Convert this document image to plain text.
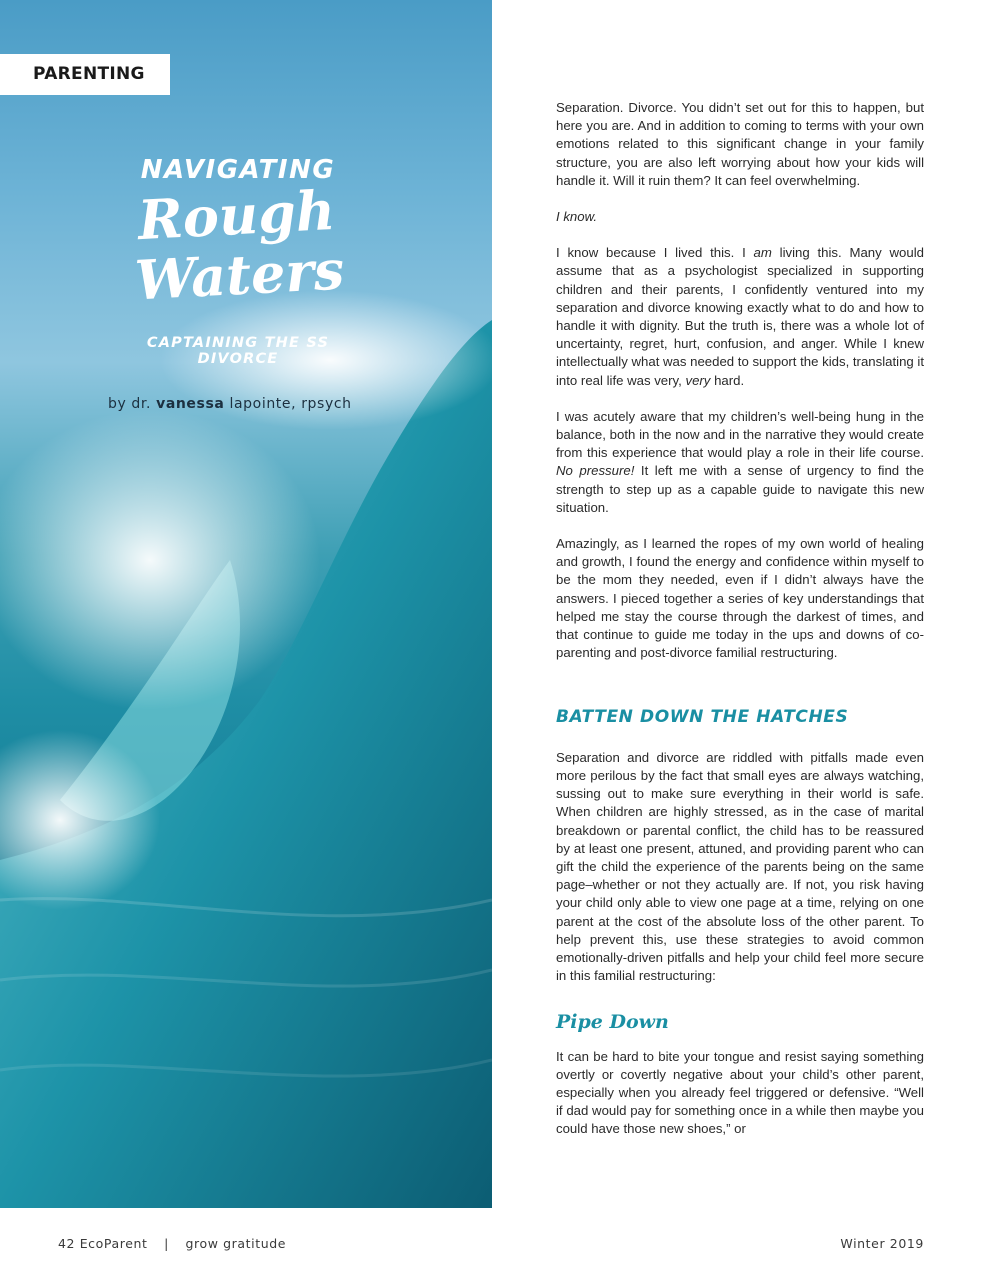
PARENTING
NAVIGATING
Rough
Waters
CAPTAINING THE SS DIVORCE
by dr. vanessa lapointe, rpsych
© Can Stock Photo Inc. / (irabel8)

Separation. Divorce. You didn’t set out for this to happen, but here you are. And in addition to coming to terms with your own emotions related to this significant change in your family structure, you are also left worrying about how your kids will handle it. Will it ruin them? It can feel overwhelming.

I know.

I know because I lived this. I am living this. Many would assume that as a psychologist specialized in supporting children and their parents, I confidently ventured into my separation and divorce knowing exactly what to do and how to handle it with dignity. But the truth is, there was a whole lot of uncertainty, regret, hurt, confusion, and anger. While I knew intellectually what was needed to support the kids, translating it into real life was very, very hard.

I was acutely aware that my children’s well-being hung in the balance, both in the now and in the narrative they would create from this experience that would play a role in their life course. No pressure! It left me with a sense of urgency to find the strength to step up as a capable guide to navigate this new situation.

Amazingly, as I learned the ropes of my own world of healing and growth, I found the energy and confidence within myself to be the mom they needed, even if I didn’t always have the answers. I pieced together a series of key understandings that helped me stay the course through the darkest of times, and that continue to guide me today in the ups and downs of co-parenting and post-divorce familial restructuring.

BATTEN DOWN THE HATCHES

Separation and divorce are riddled with pitfalls made even more perilous by the fact that small eyes are always watching, sussing out to make sure everything in their world is safe. When children are highly stressed, as in the case of marital breakdown or parental conflict, the child has to be reassured by at least one present, attuned, and providing parent who can gift the child the experience of the parents being on the same page–whether or not they actually are. If not, you risk having your child only able to view one page at a time, relying on one parent at the cost of the absolute loss of the other parent. To help prevent this, use these strategies to avoid common emotionally-driven pitfalls and help your child feel more secure in this familial restructuring:

Pipe Down

It can be hard to bite your tongue and resist saying something overtly or covertly negative about your child’s other parent, especially when you already feel triggered or defensive. “Well if dad would pay for something once in a while then maybe you could have those new shoes,” or

42 EcoParent | grow gratitude	Winter 2019
